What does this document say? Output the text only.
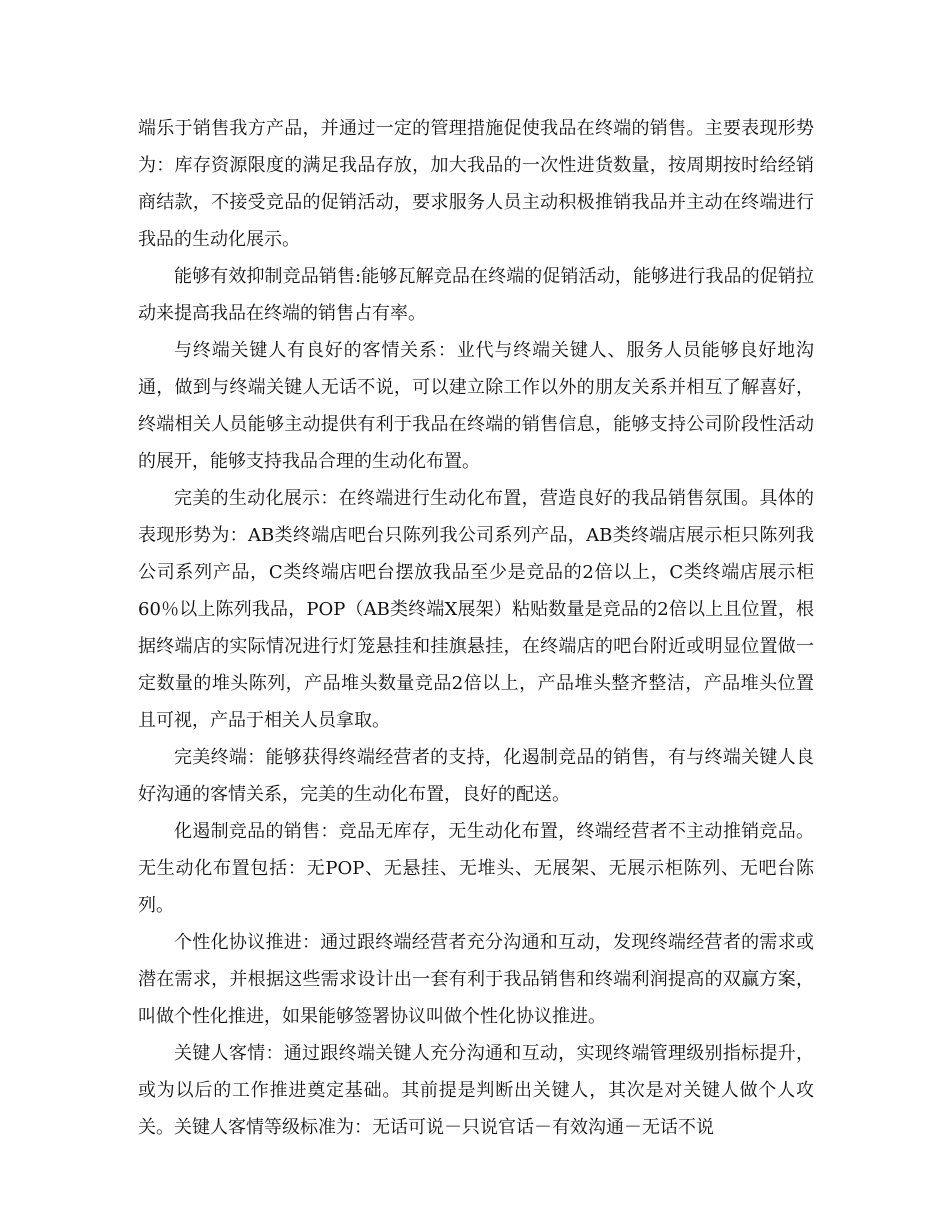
端乐于销售我方产品，并通过一定的管理措施促使我品在终端的销售。主要表现形势为：库存资源限度的满足我品存放，加大我品的一次性进货数量，按周期按时给经销商结款，不接受竞品的促销活动，要求服务人员主动积极推销我品并主动在终端进行我品的生动化展示。

能够有效抑制竞品销售:能够瓦解竞品在终端的促销活动，能够进行我品的促销拉动来提高我品在终端的销售占有率。

与终端关键人有良好的客情关系：业代与终端关键人、服务人员能够良好地沟通，做到与终端关键人无话不说，可以建立除工作以外的朋友关系并相互了解喜好，终端相关人员能够主动提供有利于我品在终端的销售信息，能够支持公司阶段性活动的展开，能够支持我品合理的生动化布置。

完美的生动化展示：在终端进行生动化布置，营造良好的我品销售氛围。具体的表现形势为：AB类终端店吧台只陈列我公司系列产品，AB类终端店展示柜只陈列我公司系列产品，C类终端店吧台摆放我品至少是竞品的2倍以上，C类终端店展示柜60％以上陈列我品，POP（AB类终端X展架）粘贴数量是竞品的2倍以上且位置，根据终端店的实际情况进行灯笼悬挂和挂旗悬挂，在终端店的吧台附近或明显位置做一定数量的堆头陈列，产品堆头数量竞品2倍以上，产品堆头整齐整洁，产品堆头位置且可视，产品于相关人员拿取。

完美终端：能够获得终端经营者的支持，化遏制竞品的销售，有与终端关键人良好沟通的客情关系，完美的生动化布置，良好的配送。

化遏制竞品的销售：竞品无库存，无生动化布置，终端经营者不主动推销竞品。无生动化布置包括：无POP、无悬挂、无堆头、无展架、无展示柜陈列、无吧台陈列。

个性化协议推进：通过跟终端经营者充分沟通和互动，发现终端经营者的需求或潜在需求，并根据这些需求设计出一套有利于我品销售和终端利润提高的双赢方案，叫做个性化推进，如果能够签署协议叫做个性化协议推进。

关键人客情：通过跟终端关键人充分沟通和互动，实现终端管理级别指标提升，或为以后的工作推进奠定基础。其前提是判断出关键人，其次是对关键人做个人攻关。关键人客情等级标准为：无话可说－只说官话－有效沟通－无话不说
